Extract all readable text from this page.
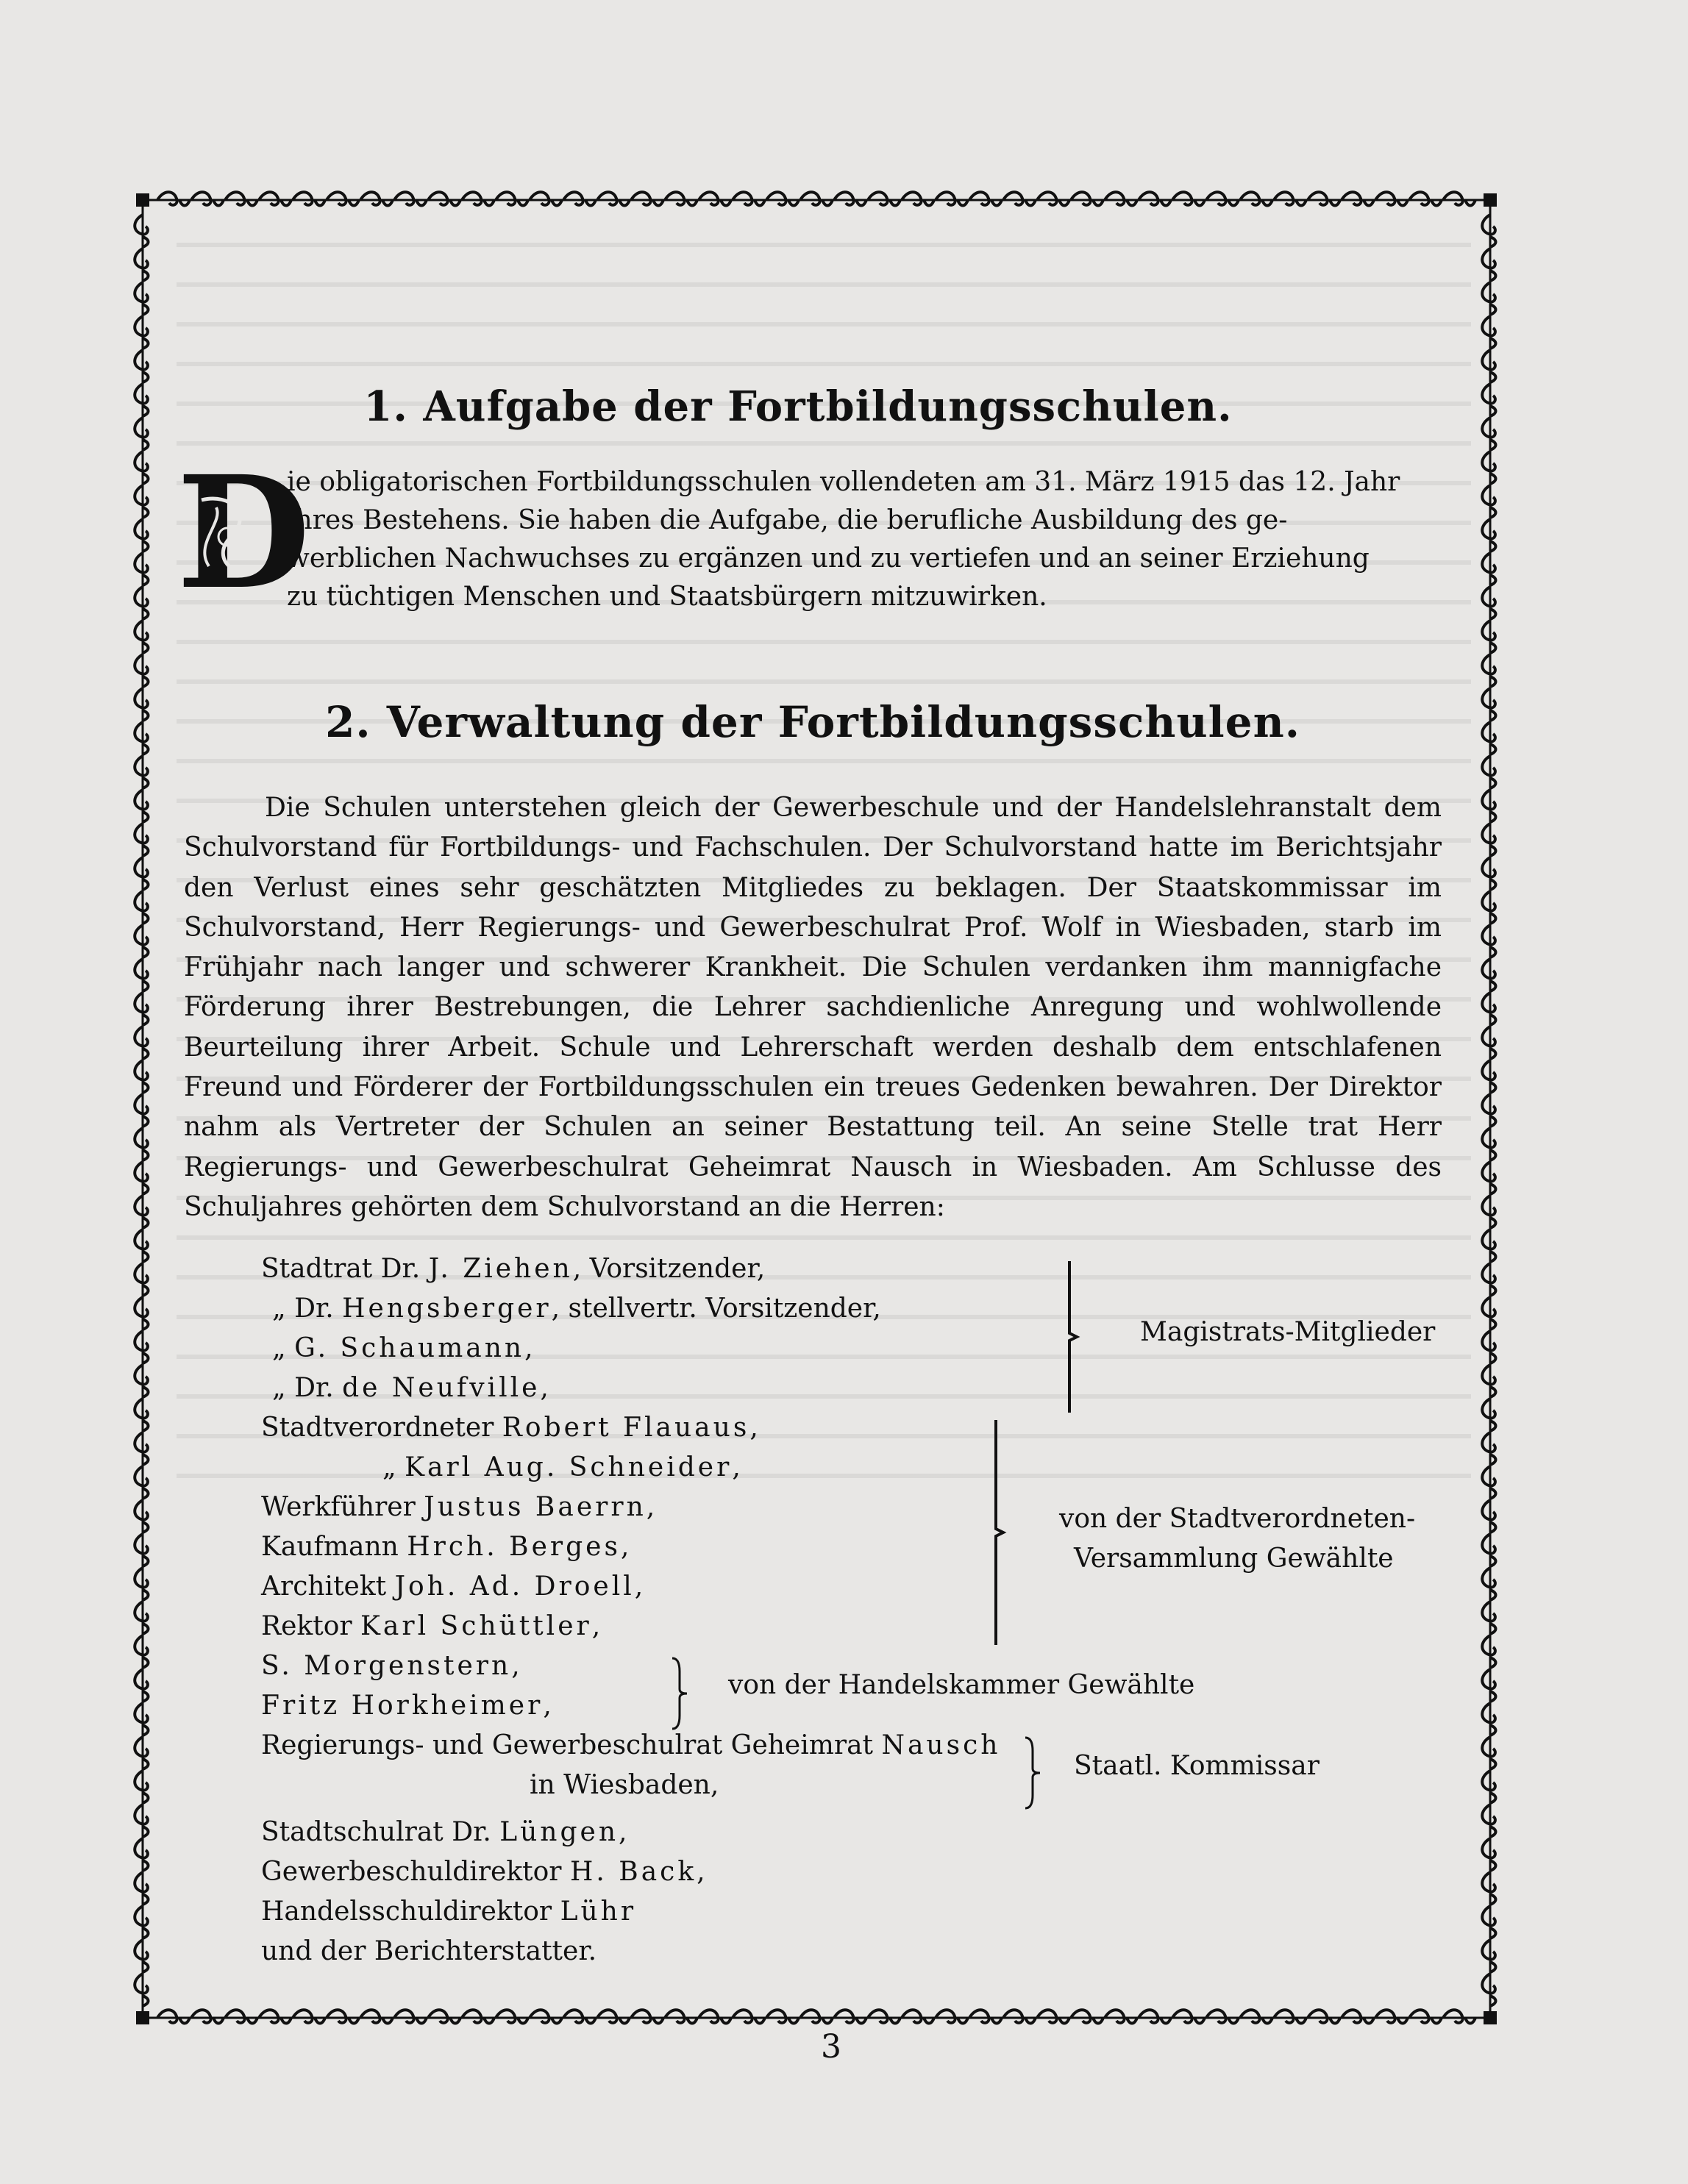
1. Aufgabe der Fortbildungsschulen.
D
ie obligatorischen Fortbildungsschulen vollendeten am 31. März 1915 das 12. Jahr
ihres Bestehens. Sie haben die Aufgabe, die berufliche Ausbildung des ge-
werblichen Nachwuchses zu ergänzen und zu vertiefen und an seiner Erziehung
zu tüchtigen Menschen und Staatsbürgern mitzuwirken.
2. Verwaltung der Fortbildungsschulen.

Die Schulen unterstehen gleich der Gewerbeschule und der Handelslehranstalt dem Schulvorstand für Fortbildungs- und Fachschulen. Der Schulvorstand hatte im Berichtsjahr den Verlust eines sehr geschätzten Mitgliedes zu beklagen. Der Staatskommissar im Schulvorstand, Herr Regierungs- und Gewerbeschulrat Prof. Wolf in Wiesbaden, starb im Frühjahr nach langer und schwerer Krankheit. Die Schulen verdanken ihm mannigfache Förderung ihrer Bestrebungen, die Lehrer sachdienliche Anregung und wohlwollende Beurteilung ihrer Arbeit. Schule und Lehrerschaft werden deshalb dem entschlafenen Freund und Förderer der Fortbildungsschulen ein treues Gedenken bewahren. Der Direktor nahm als Vertreter der Schulen an seiner Bestattung teil. An seine Stelle trat Herr Regierungs- und Gewerbeschulrat Geheimrat Nausch in Wiesbaden. Am Schlusse des Schuljahres gehörten dem Schulvorstand an die Herren:

Stadtrat Dr. J. Ziehen, Vorsitzender,
„ Dr. Hengsberger, stellvertr. Vorsitzender,
„ G. Schaumann,
„ Dr. de Neufville,
Magistrats-Mitglieder
Stadtverordneter Robert Flauaus,
„ Karl Aug. Schneider,
Werkführer Justus Baerrn,
Kaufmann Hrch. Berges,
Architekt Joh. Ad. Droell,
Rektor Karl Schüttler,
von der Stadtverordneten-
Versammlung Gewählte
S. Morgenstern,
Fritz Horkheimer,
von der Handelskammer Gewählte
Regierungs- und Gewerbeschulrat Geheimrat Nausch
in Wiesbaden,
Staatl. Kommissar
Stadtschulrat Dr. Lüngen,
Gewerbeschuldirektor H. Back,
Handelsschuldirektor Lühr
und der Berichterstatter.
3
